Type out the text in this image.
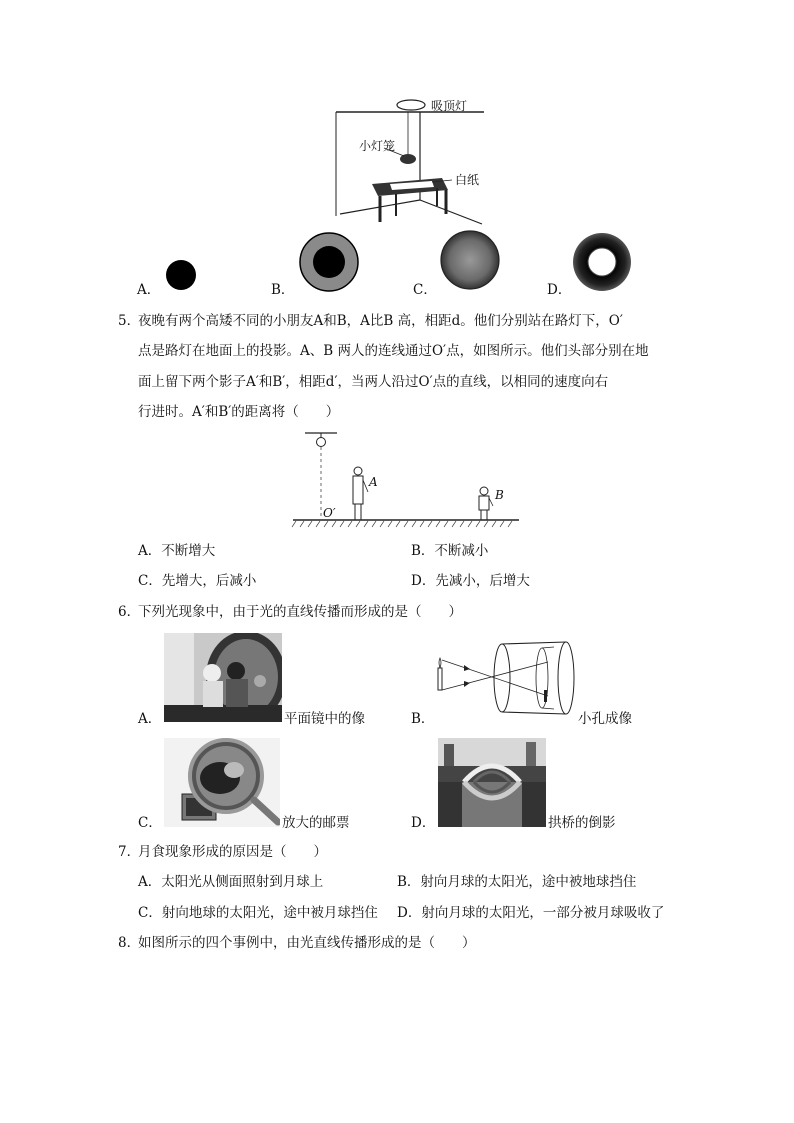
吸顶灯
小灯笼
白纸
A．	B．	C．	D．
5．
夜晚有两个高矮不同的小朋友A和B，A比B 高，相距d。他们分别站在路灯下，O′
点是路灯在地面上的投影。A、B 两人的连线通过O′点，如图所示。他们头部分别在地
面上留下两个影子A′和B′，相距d′，当两人沿过O′点的直线，以相同的速度向右
行进时。A′和B′的距离将（　　）
A
B
O′
A．不断增大	B．不断减小
C．先增大，后减小	D．先减小，后增大
6．
下列光现象中，由于光的直线传播而形成的是（　　）
A．	平面镜中的像	B．	小孔成像
C．	放大的邮票	D．	拱桥的倒影
7．
月食现象形成的原因是（　　）
A．太阳光从侧面照射到月球上	B．射向月球的太阳光，途中被地球挡住
C．射向地球的太阳光，途中被月球挡住 D．射向月球的太阳光，一部分被月球吸收了
8．
如图所示的四个事例中，由光直线传播形成的是（　　）
